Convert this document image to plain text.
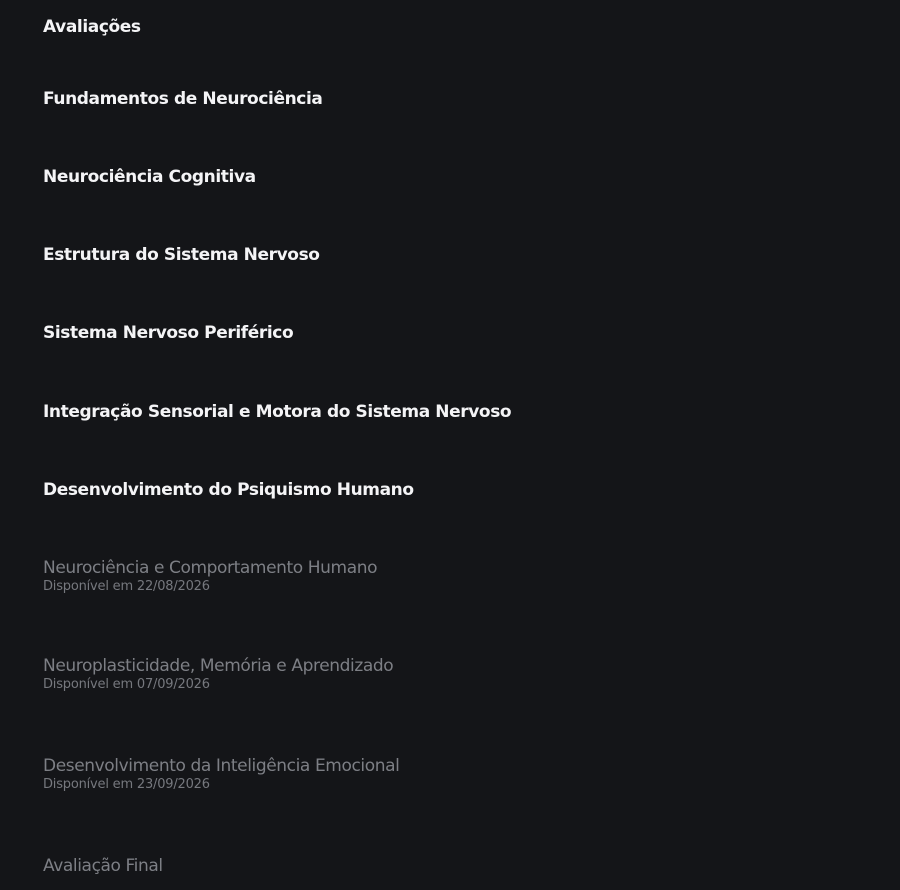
Avaliações
Fundamentos de Neurociência
Neurociência Cognitiva
Estrutura do Sistema Nervoso
Sistema Nervoso Periférico
Integração Sensorial e Motora do Sistema Nervoso
Desenvolvimento do Psiquismo Humano
Neurociência e Comportamento Humano
Disponível em 22/08/2026
Neuroplasticidade, Memória e Aprendizado
Disponível em 07/09/2026
Desenvolvimento da Inteligência Emocional
Disponível em 23/09/2026
Avaliação Final
